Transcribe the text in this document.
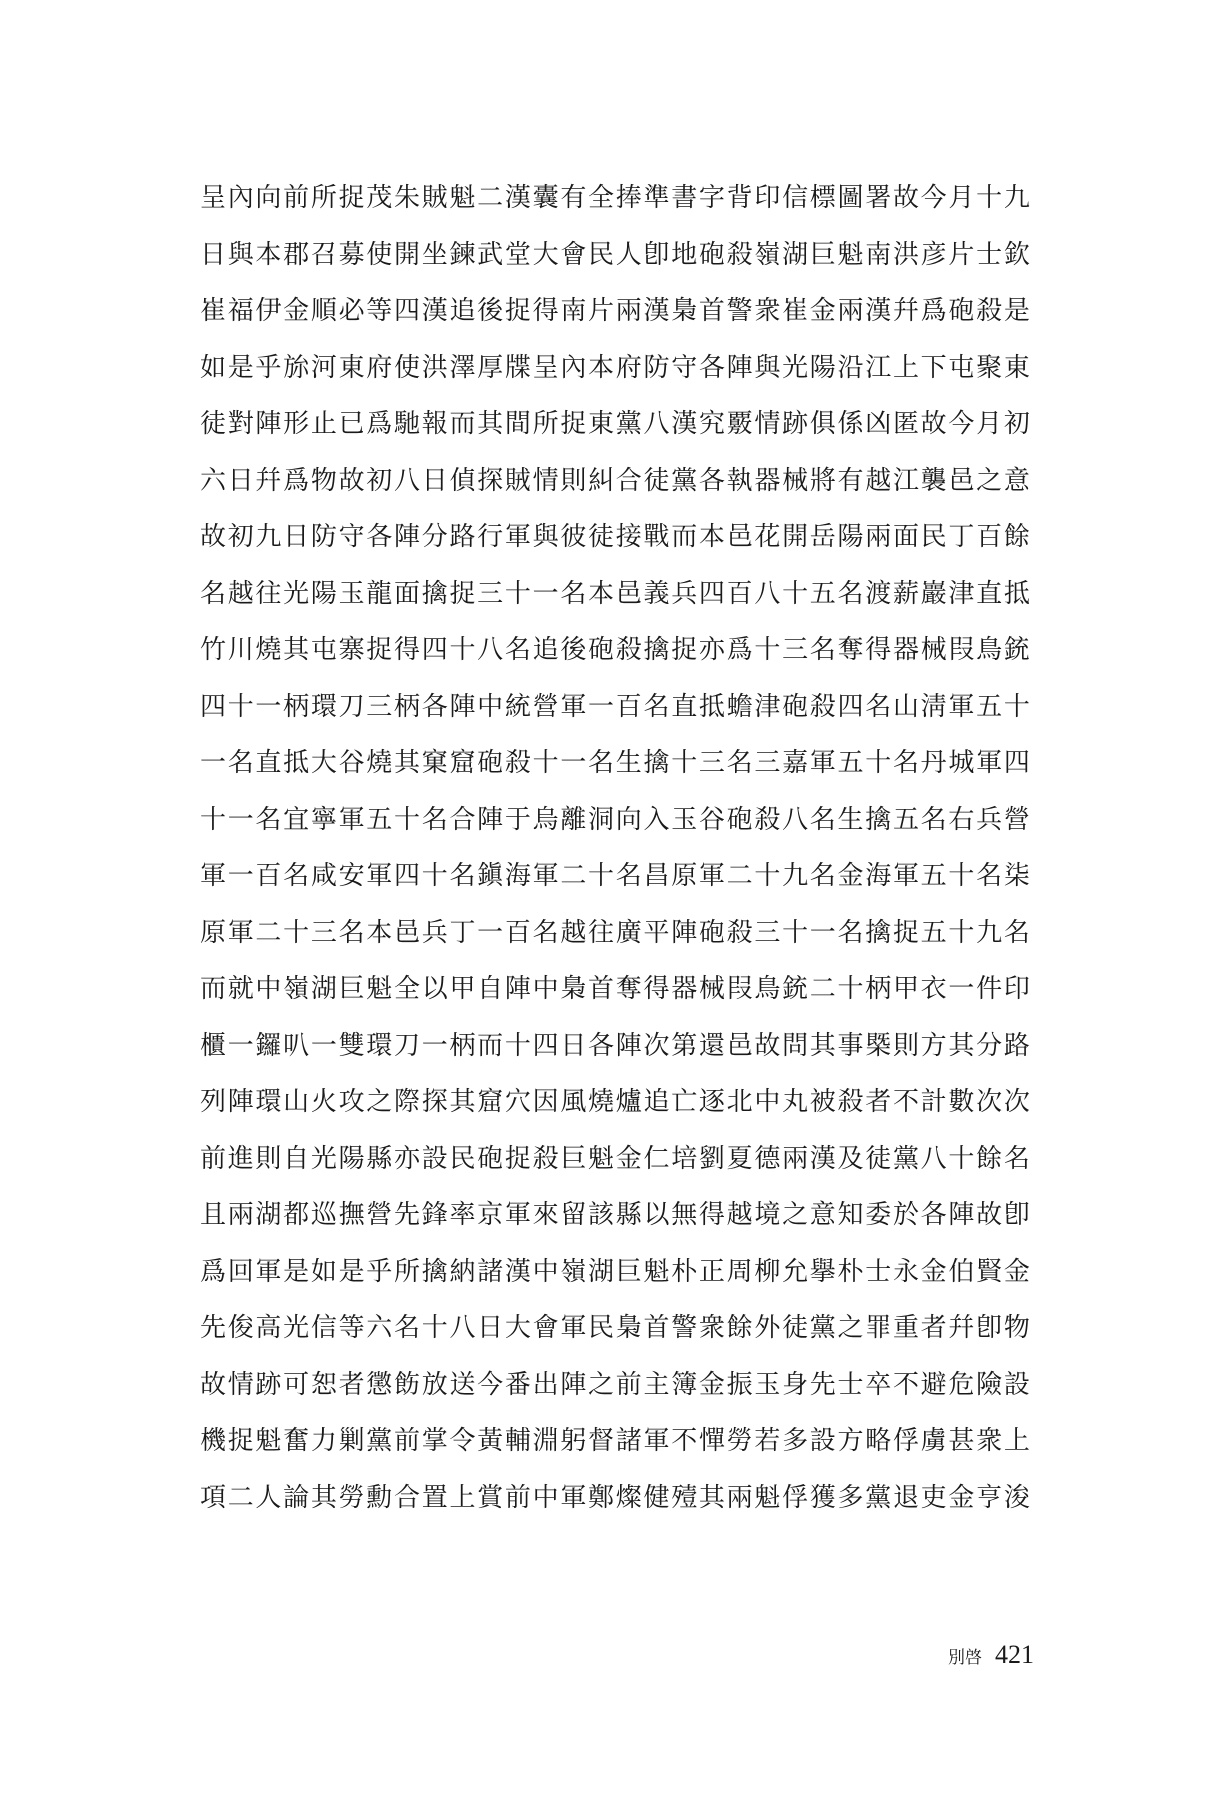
呈內向前所捉茂朱賊魁二漢囊有全捧準書字背印信標圖署故今月十九
日與本郡召募使開坐鍊武堂大會民人卽地砲殺嶺湖巨魁南洪彦片士欽
崔福伊金順必等四漢追後捉得南片兩漢梟首警衆崔金兩漢幷爲砲殺是
如是乎旀河東府使洪澤厚牒呈內本府防守各陣與光陽沿江上下屯聚東
徒對陣形止已爲馳報而其間所捉東黨八漢究覈情跡俱係凶匿故今月初
六日幷爲物故初八日偵探賊情則糾合徒黨各執器械將有越江襲邑之意
故初九日防守各陣分路行軍與彼徒接戰而本邑花開岳陽兩面民丁百餘
名越往光陽玉龍面擒捉三十一名本邑義兵四百八十五名渡薪巖津直抵
竹川燒其屯寨捉得四十八名追後砲殺擒捉亦爲十三名奪得器械叚鳥銃
四十一柄環刀三柄各陣中統營軍一百名直抵蟾津砲殺四名山淸軍五十
一名直抵大谷燒其窠窟砲殺十一名生擒十三名三嘉軍五十名丹城軍四
十一名宜寧軍五十名合陣于烏離洞向入玉谷砲殺八名生擒五名右兵營
軍一百名咸安軍四十名鎭海軍二十名昌原軍二十九名金海軍五十名柒
原軍二十三名本邑兵丁一百名越往廣平陣砲殺三十一名擒捉五十九名
而就中嶺湖巨魁全以甲自陣中梟首奪得器械叚鳥銃二十柄甲衣一件印
櫃一鑼叭一雙環刀一柄而十四日各陣次第還邑故問其事槩則方其分路
列陣環山火攻之際探其窟穴因風燒爐追亡逐北中丸被殺者不計數次次
前進則自光陽縣亦設民砲捉殺巨魁金仁培劉夏德兩漢及徒黨八十餘名
且兩湖都巡撫營先鋒率京軍來留該縣以無得越境之意知委於各陣故卽
爲回軍是如是乎所擒納諸漢中嶺湖巨魁朴正周柳允擧朴士永金伯賢金
先俊高光信等六名十八日大會軍民梟首警衆餘外徒黨之罪重者幷卽物
故情跡可恕者懲飭放送今番出陣之前主簿金振玉身先士卒不避危險設
機捉魁奮力剿黨前掌令黃輔淵躬督諸軍不憚勞若多設方略俘虜甚衆上
項二人論其勞勳合置上賞前中軍鄭燦健殪其兩魁俘獲多黨退吏金亨浚
別啓 421
